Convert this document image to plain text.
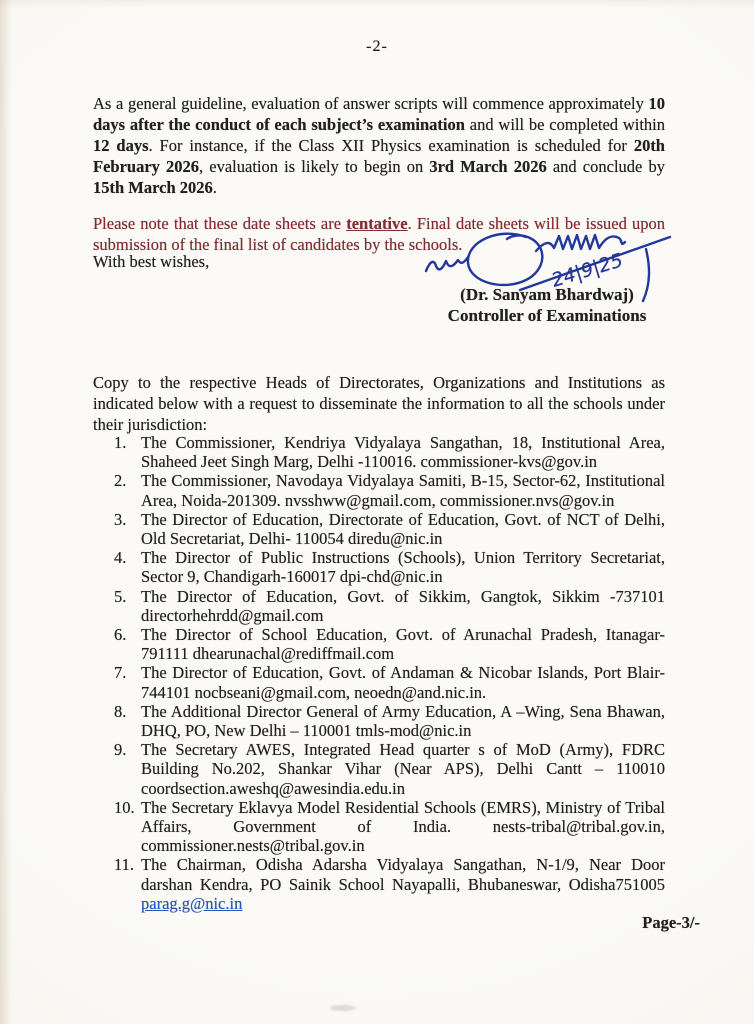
-2-

As a general guideline, evaluation of answer scripts will commence approximately 10 days after the conduct of each subject’s examination and will be completed within 12 days. For instance, if the Class XII Physics examination is scheduled for 20th February 2026, evaluation is likely to begin on 3rd March 2026 and conclude by 15th March 2026.

Please note that these date sheets are tentative. Final date sheets will be issued upon submission of the final list of candidates by the schools.

With best wishes,	24|9|25
(Dr. Sanyam Bhardwaj)
Controller of Examinations

Copy to the respective Heads of Directorates, Organizations and Institutions as indicated below with a request to disseminate the information to all the schools under their jurisdiction:

The Commissioner, Kendriya Vidyalaya Sangathan, 18, Institutional Area, Shaheed Jeet Singh Marg, Delhi -110016. commissioner-kvs@gov.in
The Commissioner, Navodaya Vidyalaya Samiti, B-15, Sector-62, Institutional Area, Noida-201309. nvsshww@gmail.com, commissioner.nvs@gov.in
The Director of Education, Directorate of Education, Govt. of NCT of Delhi, Old Secretariat, Delhi- 110054 diredu@nic.in
The Director of Public Instructions (Schools), Union Territory Secretariat, Sector 9, Chandigarh-160017 dpi-chd@nic.in
The Director of Education, Govt. of Sikkim, Gangtok, Sikkim -737101 directorhehrdd@gmail.com
The Director of School Education, Govt. of Arunachal Pradesh, Itanagar-791111 dhearunachal@rediffmail.com
The Director of Education, Govt. of Andaman & Nicobar Islands, Port Blair-744101 nocbseani@gmail.com, neoedn@and.nic.in.
The Additional Director General of Army Education, A –Wing, Sena Bhawan, DHQ, PO, New Delhi – 110001 tmls-mod@nic.in
The Secretary AWES, Integrated Head quarter s of MoD (Army), FDRC Building No.202, Shankar Vihar (Near APS), Delhi Cantt – 110010 coordsection.aweshq@awesindia.edu.in
The Secretary Eklavya Model Residential Schools (EMRS), Ministry of Tribal Affairs, Government of India. nests-tribal@tribal.gov.in, commissioner.nests@tribal.gov.in
The Chairman, Odisha Adarsha Vidyalaya Sangathan, N-1/9, Near Door darshan Kendra, PO Sainik School Nayapalli, Bhubaneswar, Odisha751005 parag.g@nic.in
Page-3/-
